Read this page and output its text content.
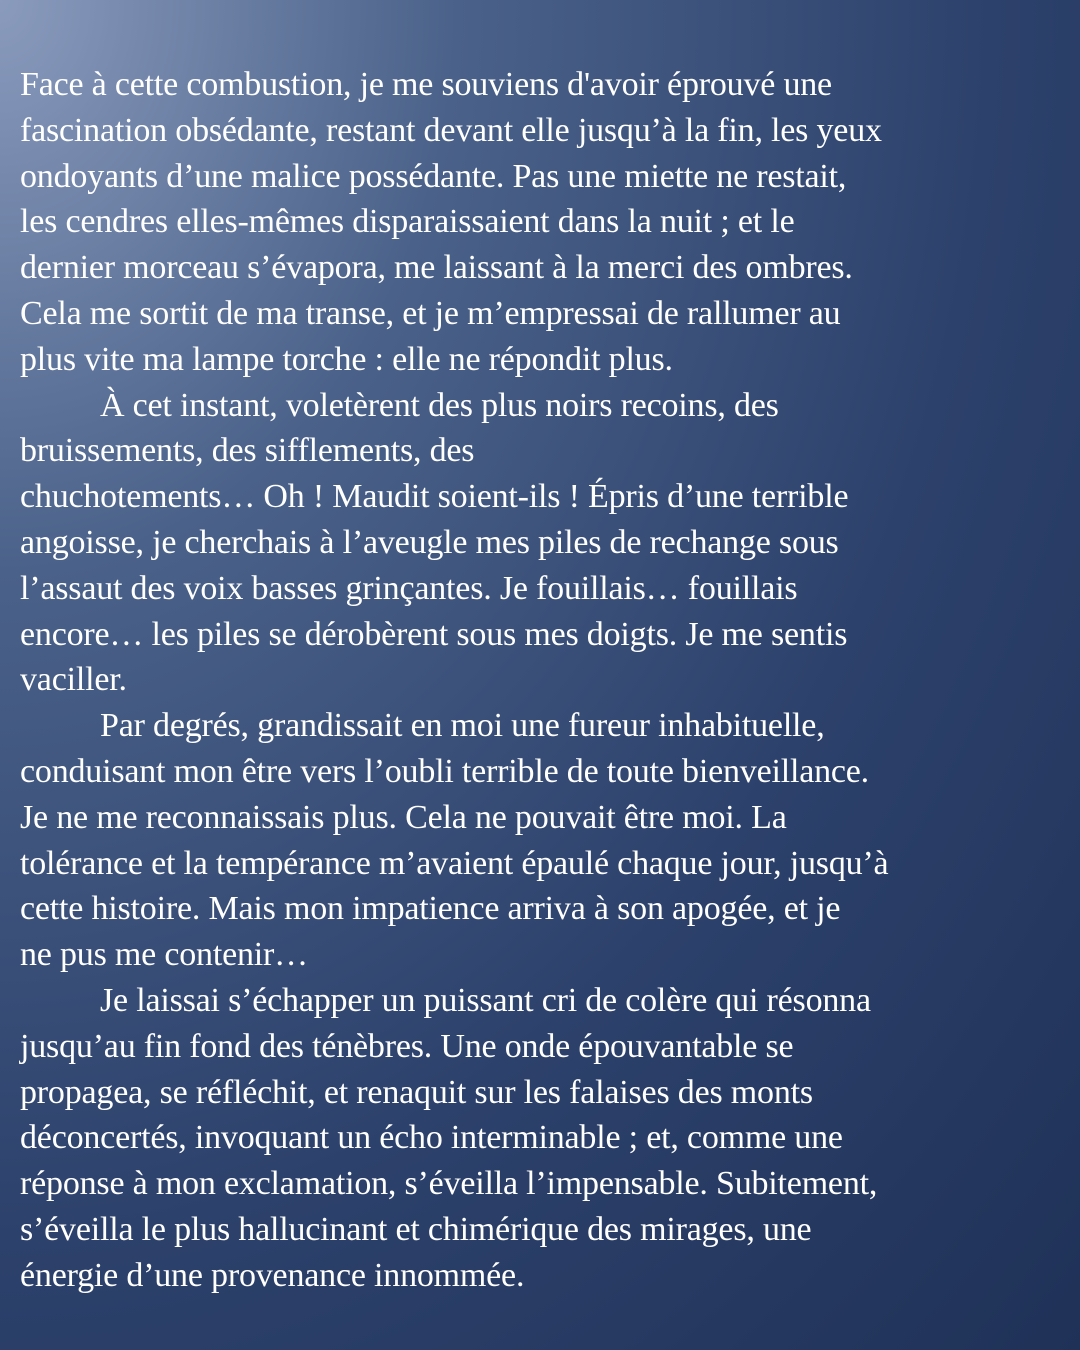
Face à cette combustion, je me souviens d'avoir éprouvé une
fascination obsédante, restant devant elle jusqu’à la fin, les yeux
ondoyants d’une malice possédante. Pas une miette ne restait,
les cendres elles-mêmes disparaissaient dans la nuit ; et le
dernier morceau s’évapora, me laissant à la merci des ombres.
Cela me sortit de ma transe, et je m’empressai de rallumer au
plus vite ma lampe torche : elle ne répondit plus.

À cet instant, voletèrent des plus noirs recoins, des
bruissements, des sifflements, des
chuchotements… Oh ! Maudit soient-ils ! Épris d’une terrible
angoisse, je cherchais à l’aveugle mes piles de rechange sous
l’assaut des voix basses grinçantes. Je fouillais… fouillais
encore… les piles se dérobèrent sous mes doigts. Je me sentis
vaciller.

Par degrés, grandissait en moi une fureur inhabituelle,
conduisant mon être vers l’oubli terrible de toute bienveillance.
Je ne me reconnaissais plus. Cela ne pouvait être moi. La
tolérance et la tempérance m’avaient épaulé chaque jour, jusqu’à
cette histoire. Mais mon impatience arriva à son apogée, et je
ne pus me contenir…

Je laissai s’échapper un puissant cri de colère qui résonna
jusqu’au fin fond des ténèbres. Une onde épouvantable se
propagea, se réfléchit, et renaquit sur les falaises des monts
déconcertés, invoquant un écho interminable ; et, comme une
réponse à mon exclamation, s’éveilla l’impensable. Subitement,
s’éveilla le plus hallucinant et chimérique des mirages, une
énergie d’une provenance innommée.
